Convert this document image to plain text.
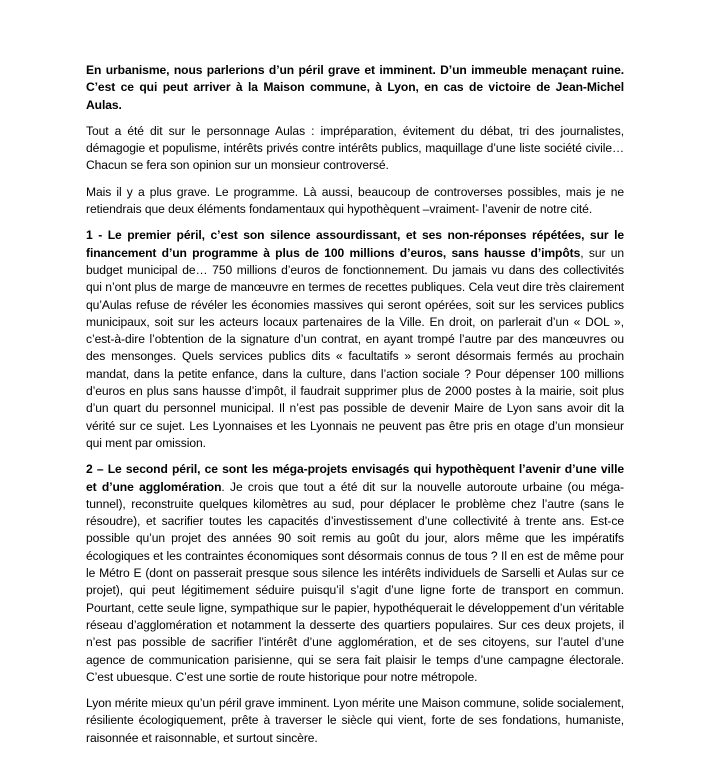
En urbanisme, nous parlerions d’un péril grave et imminent. D’un immeuble menaçant ruine. C’est ce qui peut arriver à la Maison commune, à Lyon, en cas de victoire de Jean-Michel Aulas.

Tout a été dit sur le personnage Aulas : impréparation, évitement du débat, tri des journalistes, démagogie et populisme, intérêts privés contre intérêts publics, maquillage d’une liste société civile… Chacun se fera son opinion sur un monsieur controversé.

Mais il y a plus grave. Le programme. Là aussi, beaucoup de controverses possibles, mais je ne retiendrais que deux éléments fondamentaux qui hypothèquent –vraiment- l’avenir de notre cité.

1 - Le premier péril, c’est son silence assourdissant, et ses non-réponses répétées, sur le financement d’un programme à plus de 100 millions d’euros, sans hausse d’impôts, sur un budget municipal de… 750 millions d’euros de fonctionnement. Du jamais vu dans des collectivités qui n’ont plus de marge de manœuvre en termes de recettes publiques. Cela veut dire très clairement qu’Aulas refuse de révéler les économies massives qui seront opérées, soit sur les services publics municipaux, soit sur les acteurs locaux partenaires de la Ville. En droit, on parlerait d’un « DOL », c’est-à-dire l’obtention de la signature d’un contrat, en ayant trompé l’autre par des manœuvres ou des mensonges. Quels services publics dits « facultatifs » seront désormais fermés au prochain mandat, dans la petite enfance, dans la culture, dans l’action sociale ? Pour dépenser 100 millions d’euros en plus sans hausse d’impôt, il faudrait supprimer plus de 2000 postes à la mairie, soit plus d’un quart du personnel municipal. Il n’est pas possible de devenir Maire de Lyon sans avoir dit la vérité sur ce sujet. Les Lyonnaises et les Lyonnais ne peuvent pas être pris en otage d’un monsieur qui ment par omission.

2 – Le second péril, ce sont les méga-projets envisagés qui hypothèquent l’avenir d’une ville et d’une agglomération. Je crois que tout a été dit sur la nouvelle autoroute urbaine (ou méga-tunnel), reconstruite quelques kilomètres au sud, pour déplacer le problème chez l’autre (sans le résoudre), et sacrifier toutes les capacités d’investissement d’une collectivité à trente ans. Est-ce possible qu’un projet des années 90 soit remis au goût du jour, alors même que les impératifs écologiques et les contraintes économiques sont désormais connus de tous ? Il en est de même pour le Métro E (dont on passerait presque sous silence les intérêts individuels de Sarselli et Aulas sur ce projet), qui peut légitimement séduire puisqu’il s’agit d’une ligne forte de transport en commun. Pourtant, cette seule ligne, sympathique sur le papier, hypothéquerait le développement d’un véritable réseau d’agglomération et notamment la desserte des quartiers populaires. Sur ces deux projets, il n’est pas possible de sacrifier l’intérêt d’une agglomération, et de ses citoyens, sur l’autel d’une agence de communication parisienne, qui se sera fait plaisir le temps d’une campagne électorale. C’est ubuesque. C’est une sortie de route historique pour notre métropole.

Lyon mérite mieux qu’un péril grave imminent. Lyon mérite une Maison commune, solide socialement, résiliente écologiquement, prête à traverser le siècle qui vient, forte de ses fondations, humaniste, raisonnée et raisonnable, et surtout sincère.
